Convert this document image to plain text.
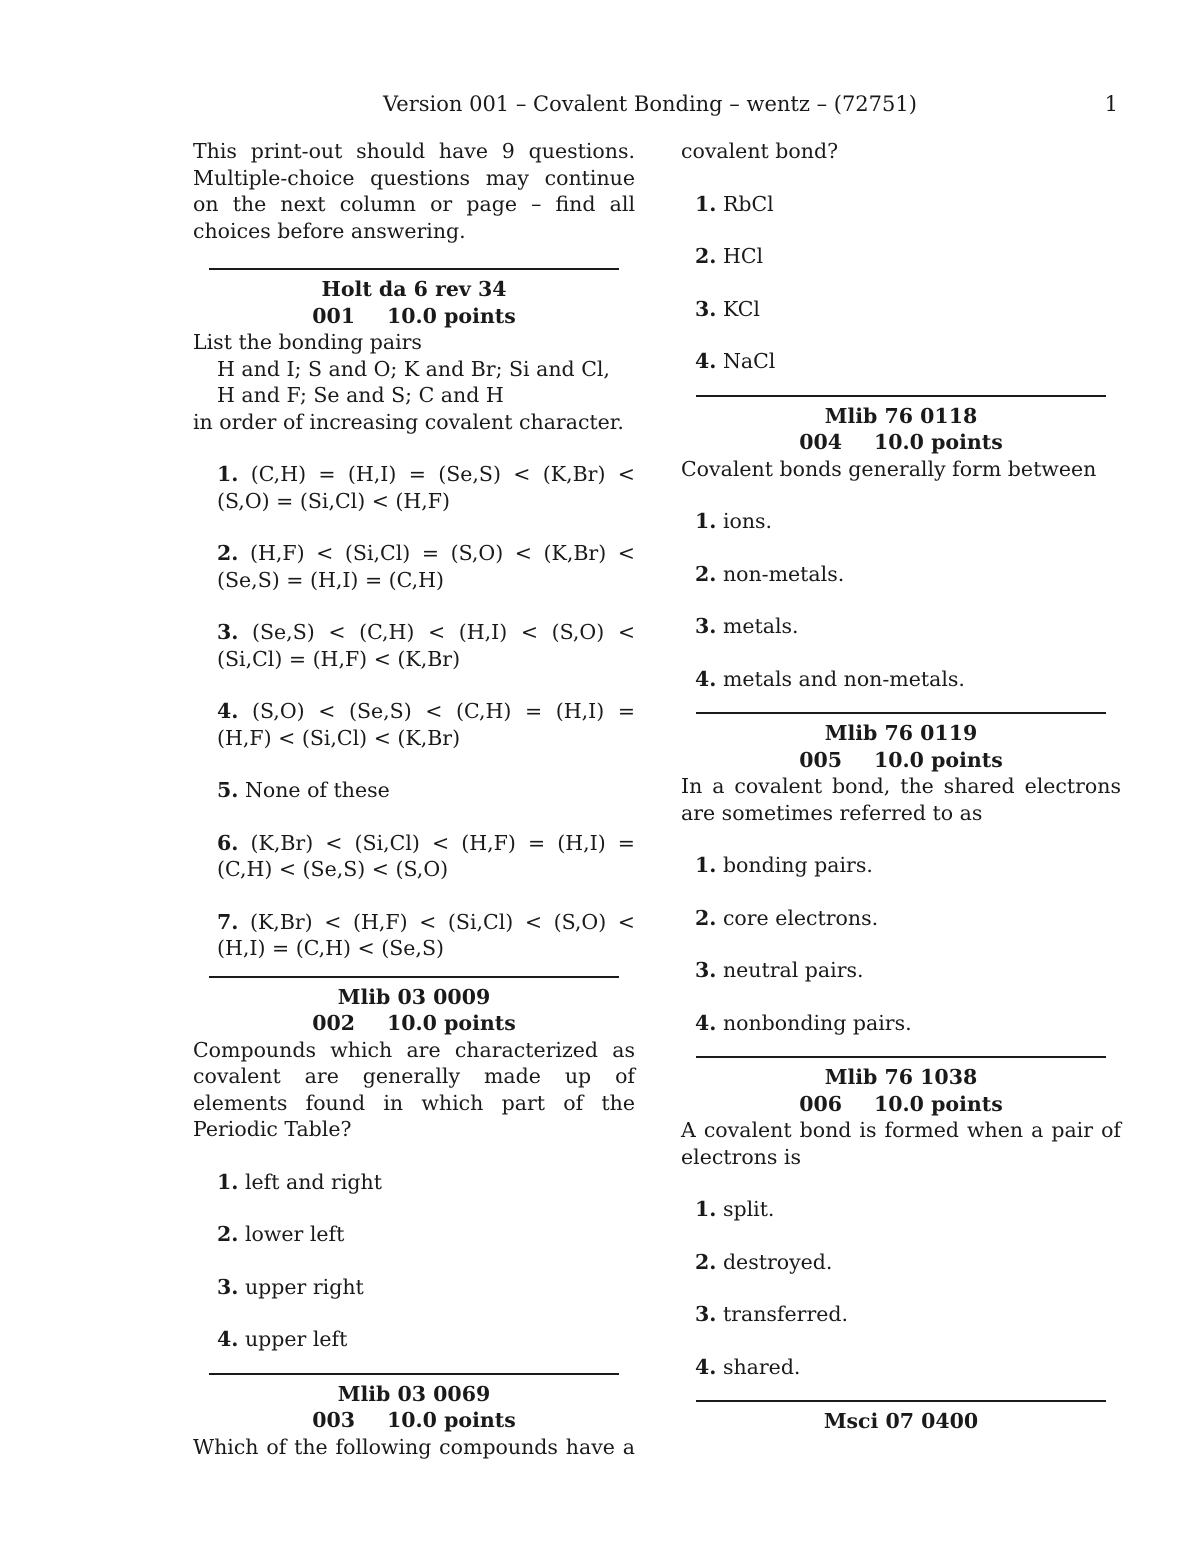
Version 001 – Covalent Bonding – wentz – (72751)	1

This print-out should have 9 questions. Multiple-choice questions may continue on the next column or page – find all choices before answering.

Holt da 6 rev 34

001 10.0 points

List the bonding pairs

H and I; S and O; K and Br; Si and Cl,

H and F; Se and S; C and H

in order of increasing covalent character.

1. (C,H) = (H,I) = (Se,S) < (K,Br) < (S,O) = (Si,Cl) < (H,F)

2. (H,F) < (Si,Cl) = (S,O) < (K,Br) < (Se,S) = (H,I) = (C,H)

3. (Se,S) < (C,H) < (H,I) < (S,O) < (Si,Cl) = (H,F) < (K,Br)

4. (S,O) < (Se,S) < (C,H) = (H,I) = (H,F) < (Si,Cl) < (K,Br)

5. None of these

6. (K,Br) < (Si,Cl) < (H,F) = (H,I) = (C,H) < (Se,S) < (S,O)

7. (K,Br) < (H,F) < (Si,Cl) < (S,O) < (H,I) = (C,H) < (Se,S)

Mlib 03 0009

002 10.0 points

Compounds which are characterized as covalent are generally made up of elements found in which part of the Periodic Table?

1. left and right

2. lower left

3. upper right

4. upper left

Mlib 03 0069

003 10.0 points

Which of the following compounds have a

covalent bond?

1. RbCl

2. HCl

3. KCl

4. NaCl

Mlib 76 0118

004 10.0 points

Covalent bonds generally form between

1. ions.

2. non-metals.

3. metals.

4. metals and non-metals.

Mlib 76 0119

005 10.0 points

In a covalent bond, the shared electrons are sometimes referred to as

1. bonding pairs.

2. core electrons.

3. neutral pairs.

4. nonbonding pairs.

Mlib 76 1038

006 10.0 points

A covalent bond is formed when a pair of electrons is

1. split.

2. destroyed.

3. transferred.

4. shared.

Msci 07 0400
